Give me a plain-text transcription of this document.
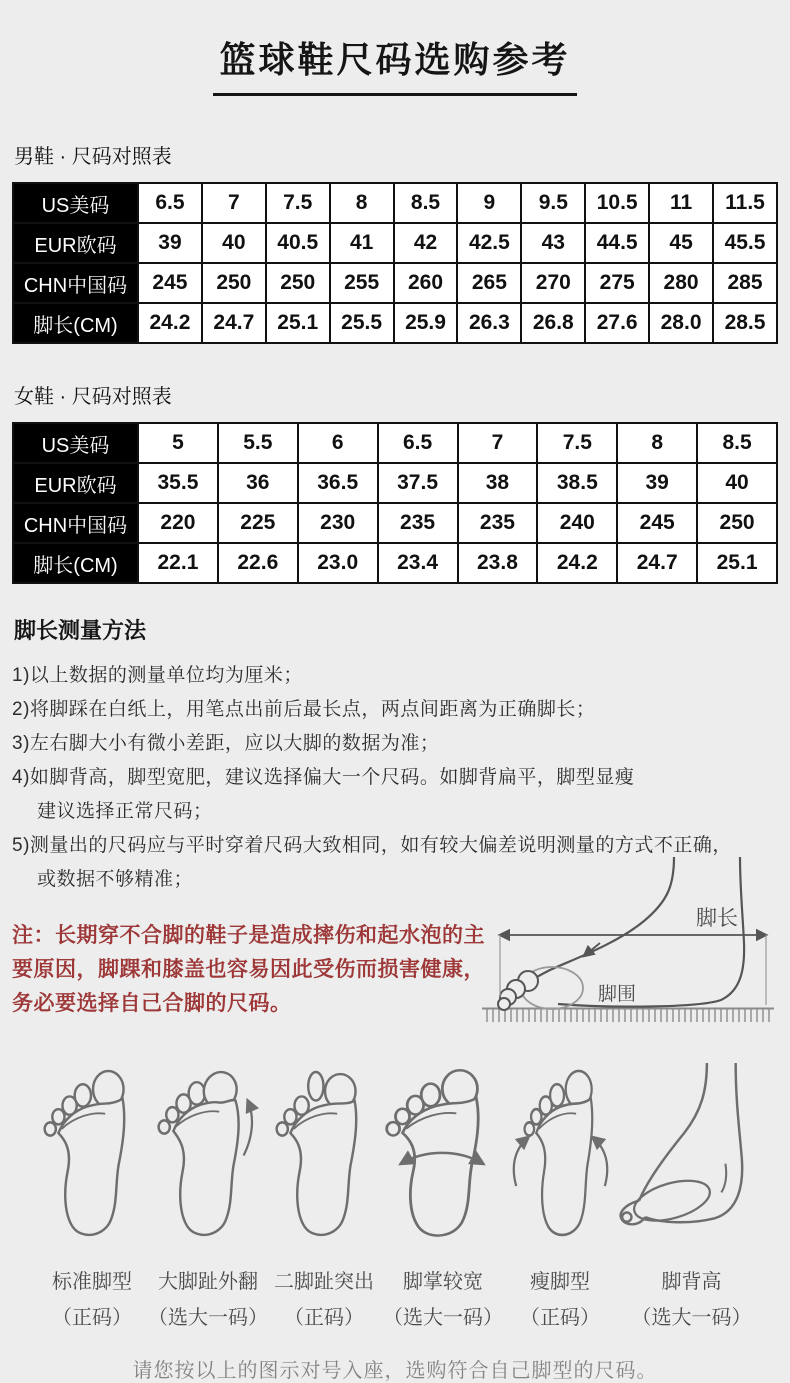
篮球鞋尺码选购参考
男鞋 · 尺码对照表
US美码	6.5	7	7.5	8	8.5	9	9.5	10.5	11	11.5
EUR欧码	39	40	40.5	41	42	42.5	43	44.5	45	45.5
CHN中国码	245	250	250	255	260	265	270	275	280	285
脚长(CM)	24.2	24.7	25.1	25.5	25.9	26.3	26.8	27.6	28.0	28.5
女鞋 · 尺码对照表
US美码	5	5.5	6	6.5	7	7.5	8	8.5
EUR欧码	35.5	36	36.5	37.5	38	38.5	39	40
CHN中国码	220	225	230	235	235	240	245	250
脚长(CM)	22.1	22.6	23.0	23.4	23.8	24.2	24.7	25.1
脚长测量方法
1)以上数据的测量单位均为厘米；
2)将脚踩在白纸上，用笔点出前后最长点，两点间距离为正确脚长；
3)左右脚大小有微小差距，应以大脚的数据为准；
4)如脚背高，脚型宽肥，建议选择偏大一个尺码。如脚背扁平，脚型显瘦
建议选择正常尺码；
5)测量出的尺码应与平时穿着尺码大致相同，如有较大偏差说明测量的方式不正确，
或数据不够精准；
注：长期穿不合脚的鞋子是造成摔伤和起水泡的主要原因，脚踝和膝盖也容易因此受伤而损害健康，务必要选择自己合脚的尺码。
脚长
脚围
标准脚型
（正码）
大脚趾外翻
（选大一码）
二脚趾突出
（正码）
脚掌较宽
（选大一码）
瘦脚型
（正码）
脚背高
（选大一码）
请您按以上的图示对号入座，选购符合自己脚型的尺码。
